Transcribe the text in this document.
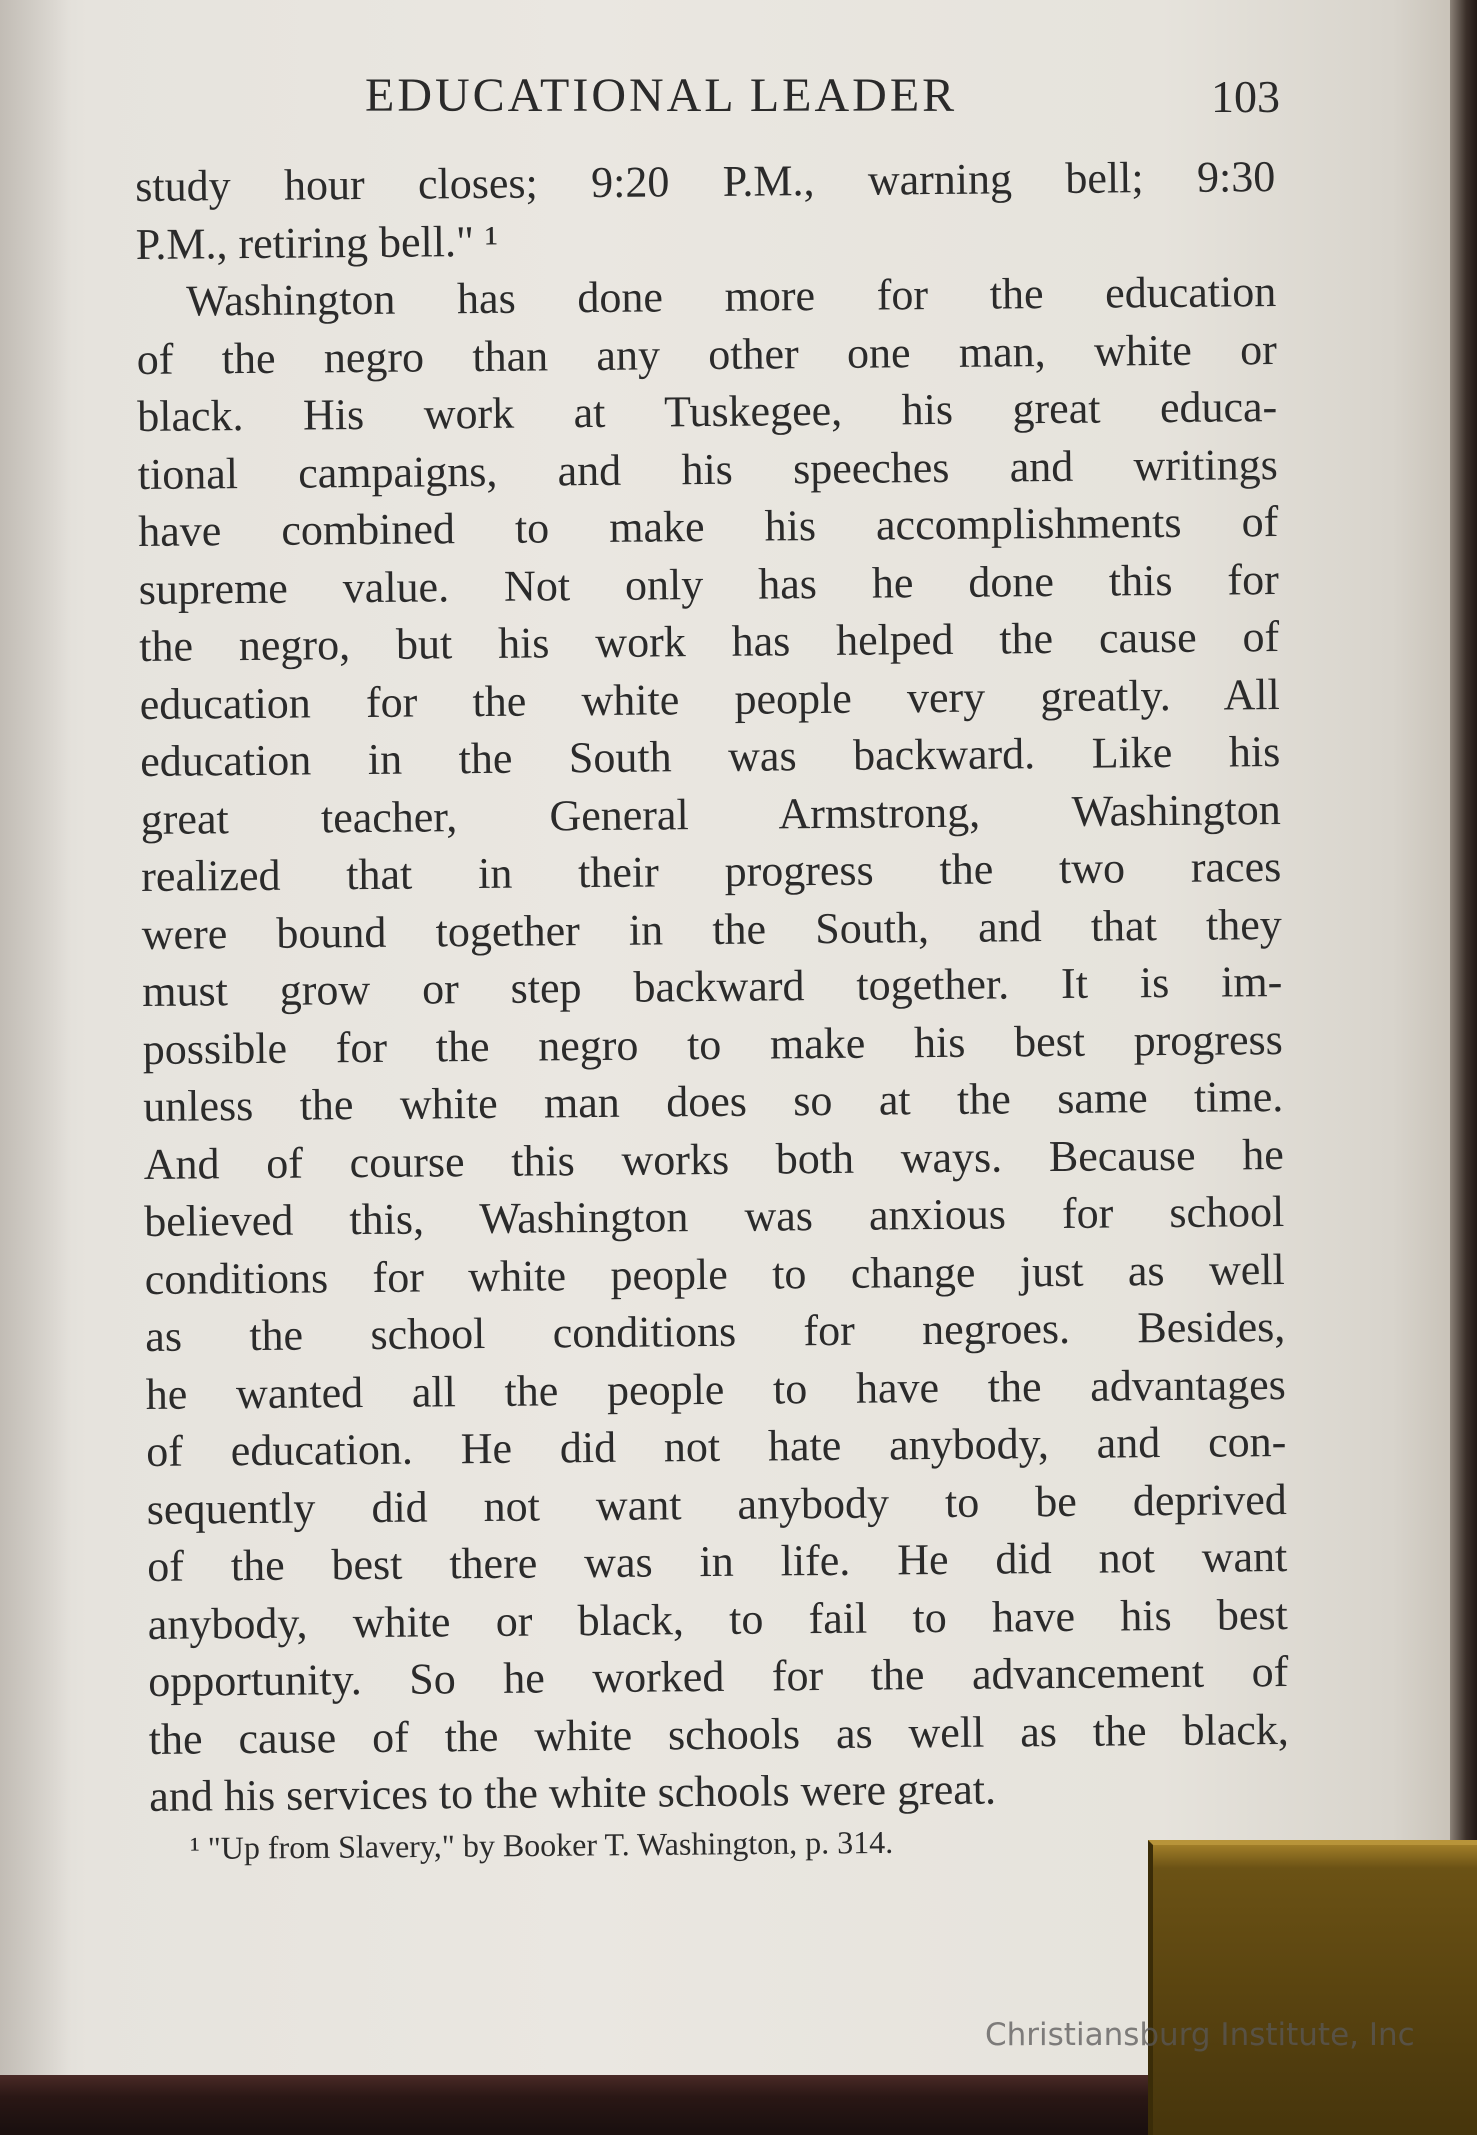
EDUCATIONAL LEADER	103
study hour closes; 9:20 P.M., warning bell; 9:30
P.M., retiring bell." ¹
Washington has done more for the education
of the negro than any other one man, white or
black. His work at Tuskegee, his great educa-
tional campaigns, and his speeches and writings
have combined to make his accomplishments of
supreme value. Not only has he done this for
the negro, but his work has helped the cause of
education for the white people very greatly. All
education in the South was backward. Like his
great teacher, General Armstrong, Washington
realized that in their progress the two races
were bound together in the South, and that they
must grow or step backward together. It is im-
possible for the negro to make his best progress
unless the white man does so at the same time.
And of course this works both ways. Because he
believed this, Washington was anxious for school
conditions for white people to change just as well
as the school conditions for negroes. Besides,
he wanted all the people to have the advantages
of education. He did not hate anybody, and con-
sequently did not want anybody to be deprived
of the best there was in life. He did not want
anybody, white or black, to fail to have his best
opportunity. So he worked for the advancement of
the cause of the white schools as well as the black,
and his services to the white schools were great.
¹ "Up from Slavery," by Booker T. Washington, p. 314.
Christiansburg Institute, Inc
